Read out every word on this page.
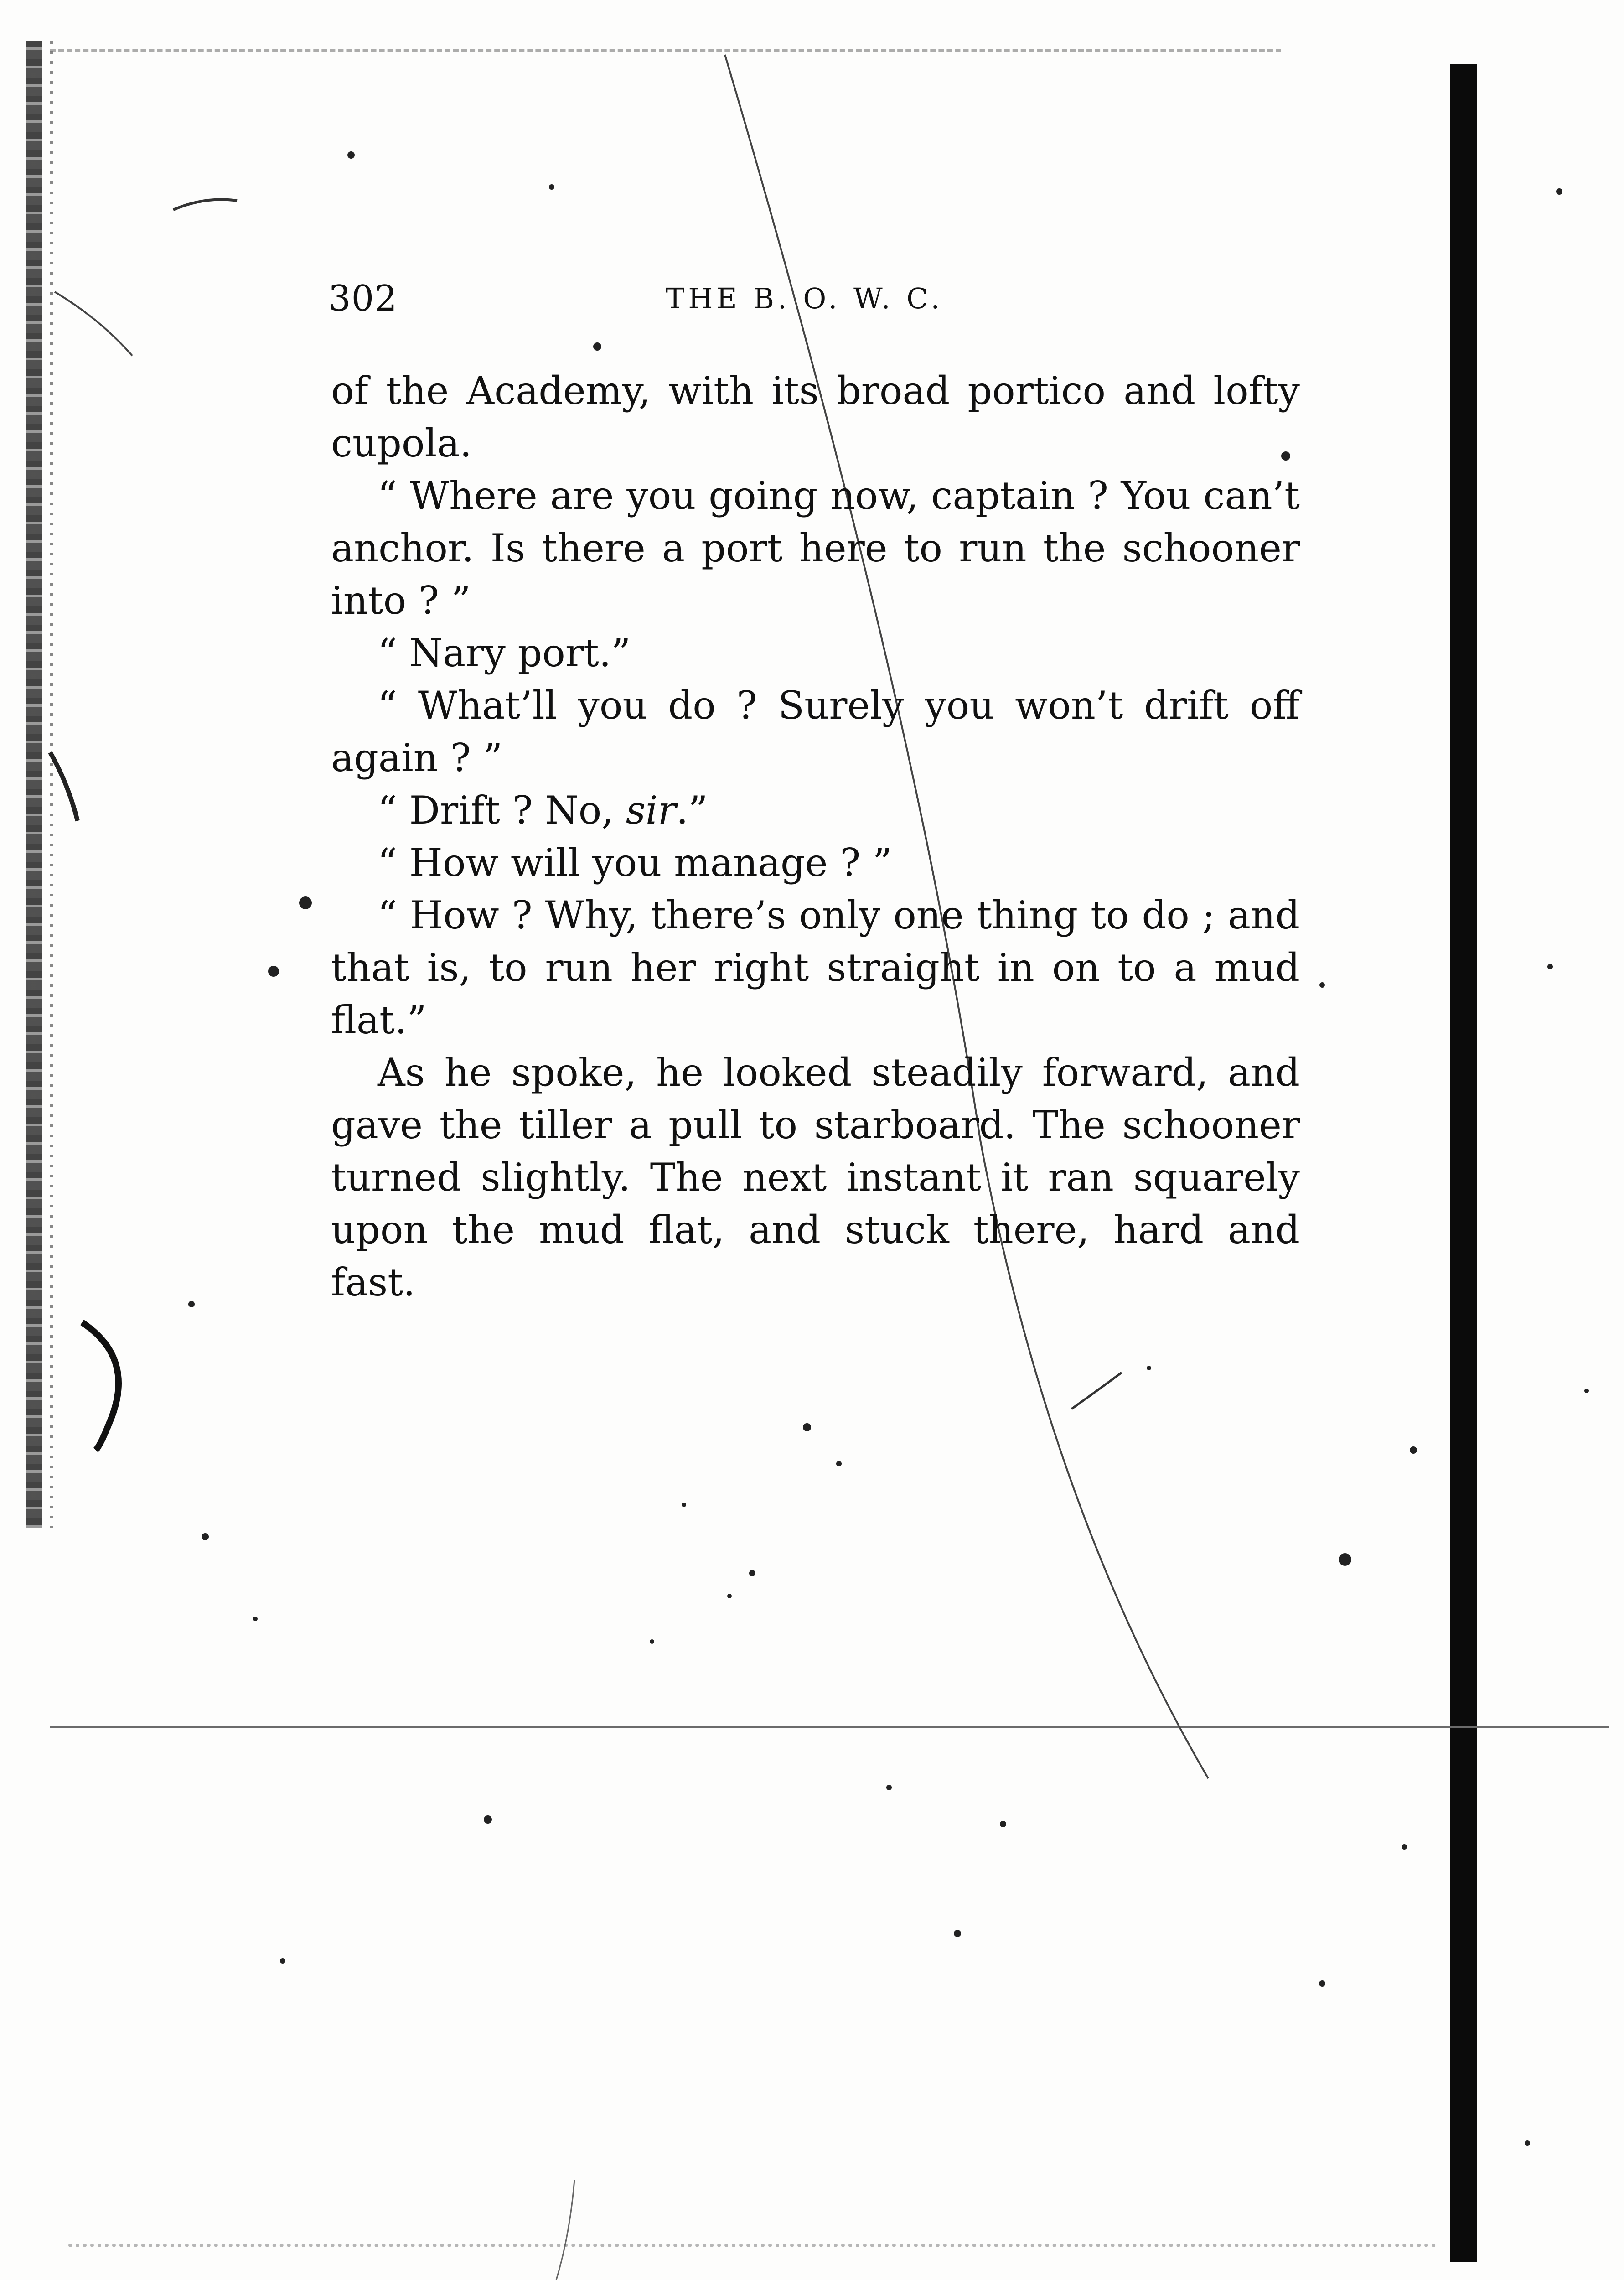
302	THE B. O. W. C.

of the Academy, with its broad portico and lofty cupola.

“ Where are you going now, captain ? You can’t anchor. Is there a port here to run the schooner into ? ”

“ Nary port.”

“ What’ll you do ? Surely you won’t drift off again ? ”

“ Drift ? No, sir.”

“ How will you manage ? ”

“ How ? Why, there’s only one thing to do ; and that is, to run her right straight in on to a mud flat.”

As he spoke, he looked steadily forward, and gave the tiller a pull to starboard. The schooner turned slightly. The next instant it ran squarely upon the mud flat, and stuck there, hard and fast.
